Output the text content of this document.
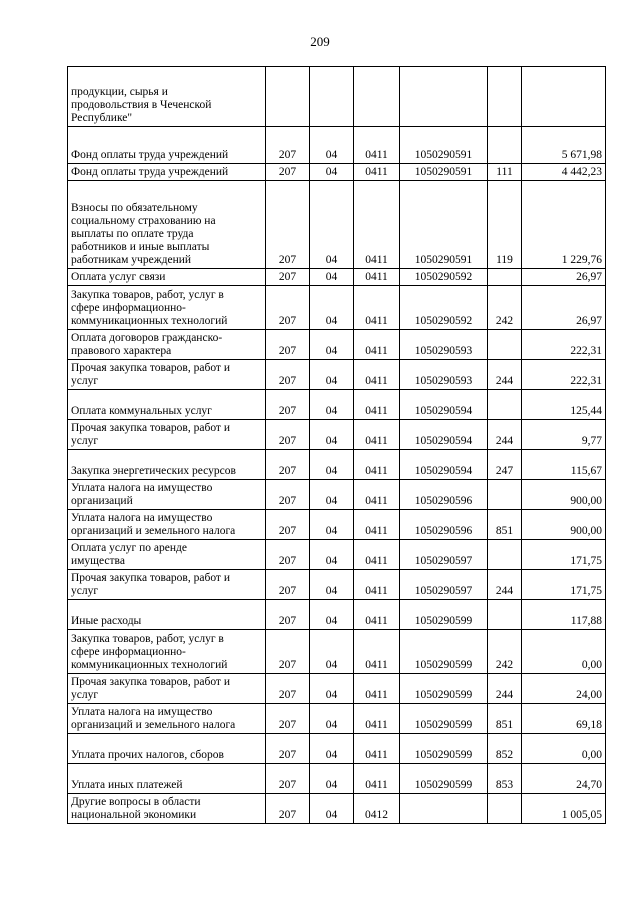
209
продукции, сырья и
продовольствия в Чеченской
Республике"						
Фонд оплаты труда учреждений	207	04	0411	1050290591		5 671,98
Фонд оплаты труда учреждений	207	04	0411	1050290591	111	4 442,23
Взносы по обязательному
социальному страхованию на
выплаты по оплате труда
работников и иные выплаты
работникам учреждений	207	04	0411	1050290591	119	1 229,76
Оплата услуг связи	207	04	0411	1050290592		26,97
Закупка товаров, работ, услуг в
сфере информационно-
коммуникационных технологий	207	04	0411	1050290592	242	26,97
Оплата договоров гражданско-
правового характера	207	04	0411	1050290593		222,31
Прочая закупка товаров, работ и
услуг	207	04	0411	1050290593	244	222,31
Оплата коммунальных услуг	207	04	0411	1050290594		125,44
Прочая закупка товаров, работ и
услуг	207	04	0411	1050290594	244	9,77
Закупка энергетических ресурсов	207	04	0411	1050290594	247	115,67
Уплата налога на имущество
организаций	207	04	0411	1050290596		900,00
Уплата налога на имущество
организаций и земельного налога	207	04	0411	1050290596	851	900,00
Оплата услуг по аренде
имущества	207	04	0411	1050290597		171,75
Прочая закупка товаров, работ и
услуг	207	04	0411	1050290597	244	171,75
Иные расходы	207	04	0411	1050290599		117,88
Закупка товаров, работ, услуг в
сфере информационно-
коммуникационных технологий	207	04	0411	1050290599	242	0,00
Прочая закупка товаров, работ и
услуг	207	04	0411	1050290599	244	24,00
Уплата налога на имущество
организаций и земельного налога	207	04	0411	1050290599	851	69,18
Уплата прочих налогов, сборов	207	04	0411	1050290599	852	0,00
Уплата иных платежей	207	04	0411	1050290599	853	24,70
Другие вопросы в области
национальной экономики	207	04	0412			1 005,05
